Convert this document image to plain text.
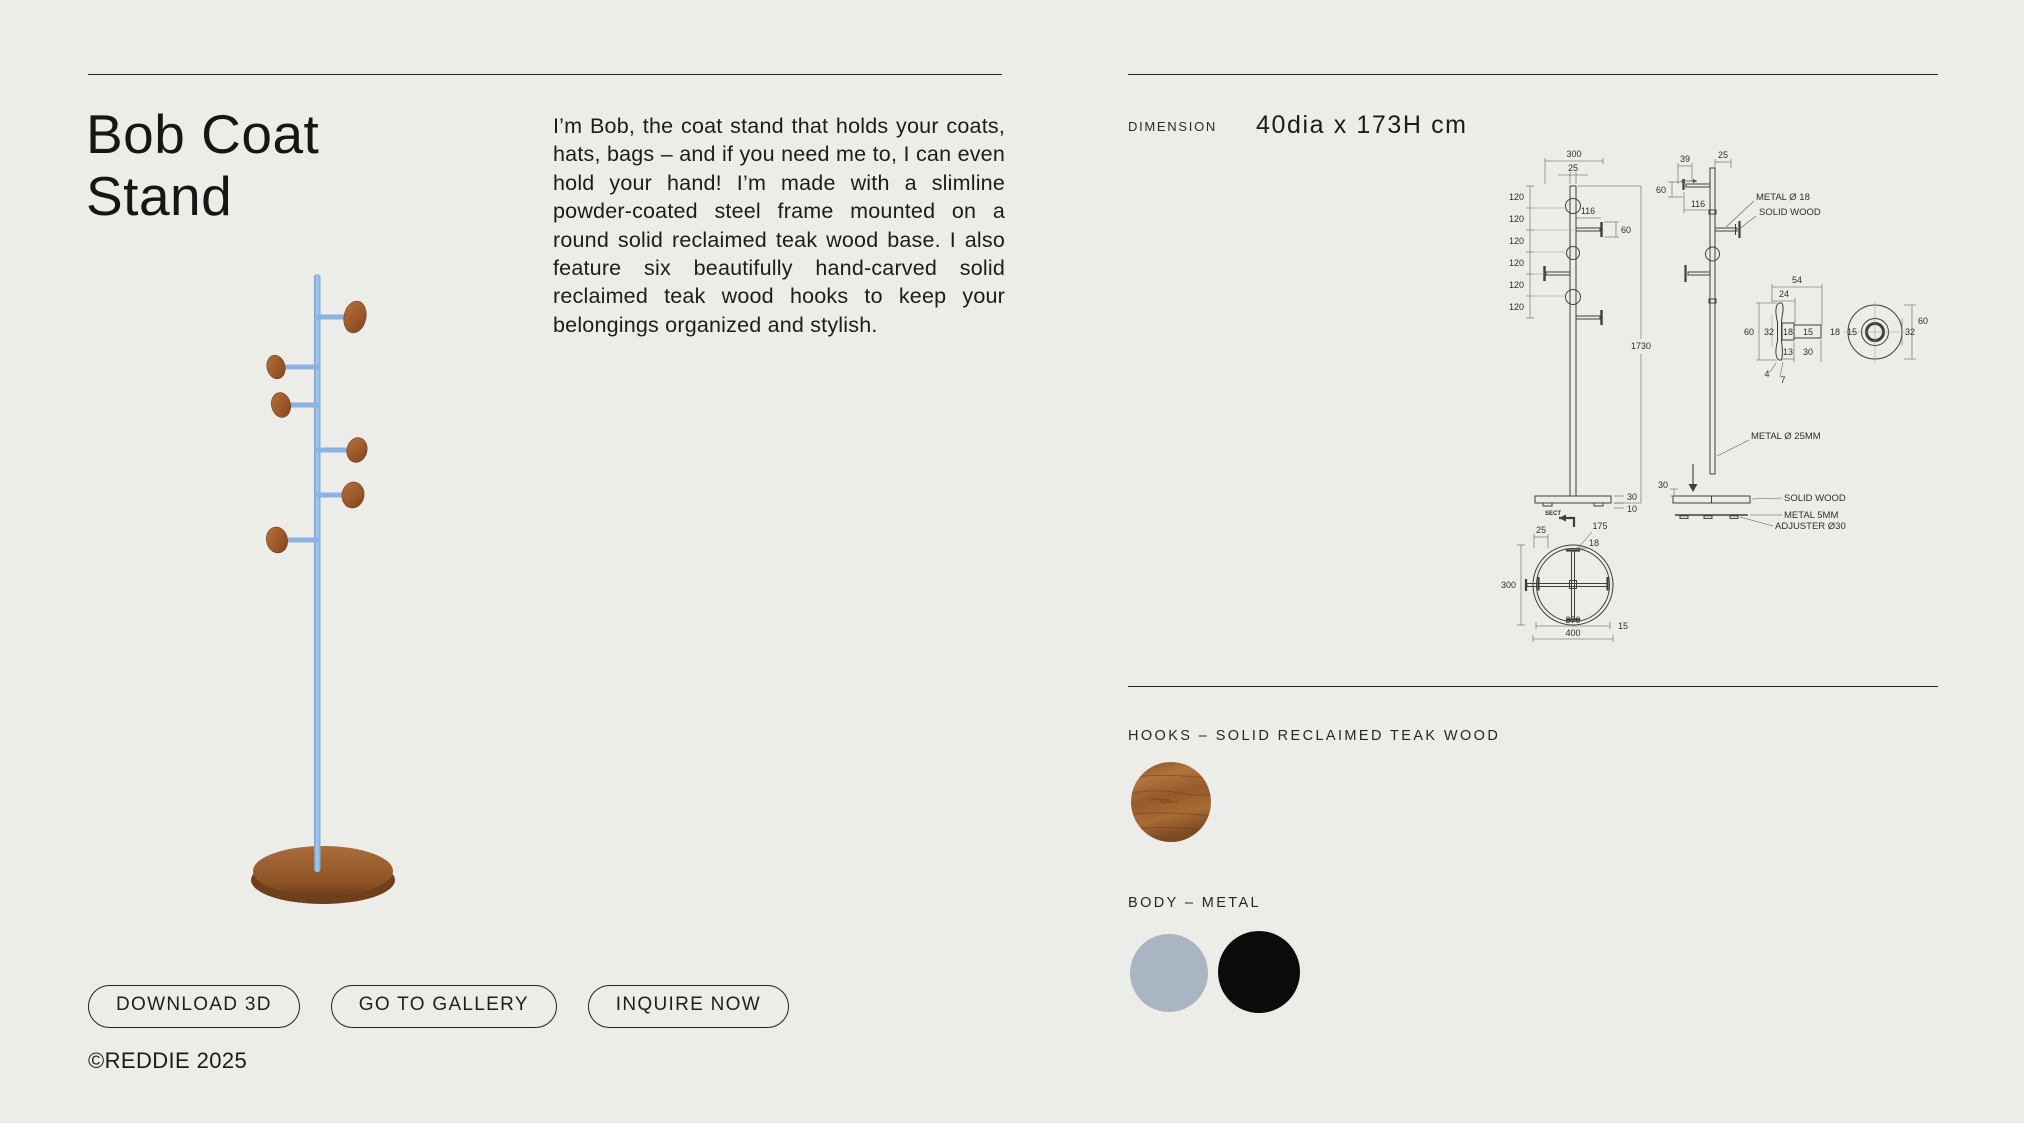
Bob Coat
Stand

I’m Bob, the coat stand that holds your coats, hats, bags – and if you need me to, I can even hold your hand! I’m made with a slimline powder-coated steel frame mounted on a round solid reclaimed teak wood base. I also feature six beautifully hand-carved solid reclaimed teak wood hooks to keep your belongings organized and stylish.

DOWNLOAD 3D	GO TO GALLERY	INQUIRE NOW
©REDDIE 2025
DIMENSION 40dia x 173H cm
300
25
120
120
120
120
120
120
116
60
1730
30
10
SECT
25	175
18
300
370
400
15
39	25
60
116
METAL Ø 18
SOLID WOOD
METAL Ø 25MM
30
SOLID WOOD
METAL 5MM
ADJUSTER Ø30
54
24
60 32 18 15
13 30
4
7
18 15	32
60
HOOKS – SOLID RECLAIMED TEAK WOOD
BODY – METAL
